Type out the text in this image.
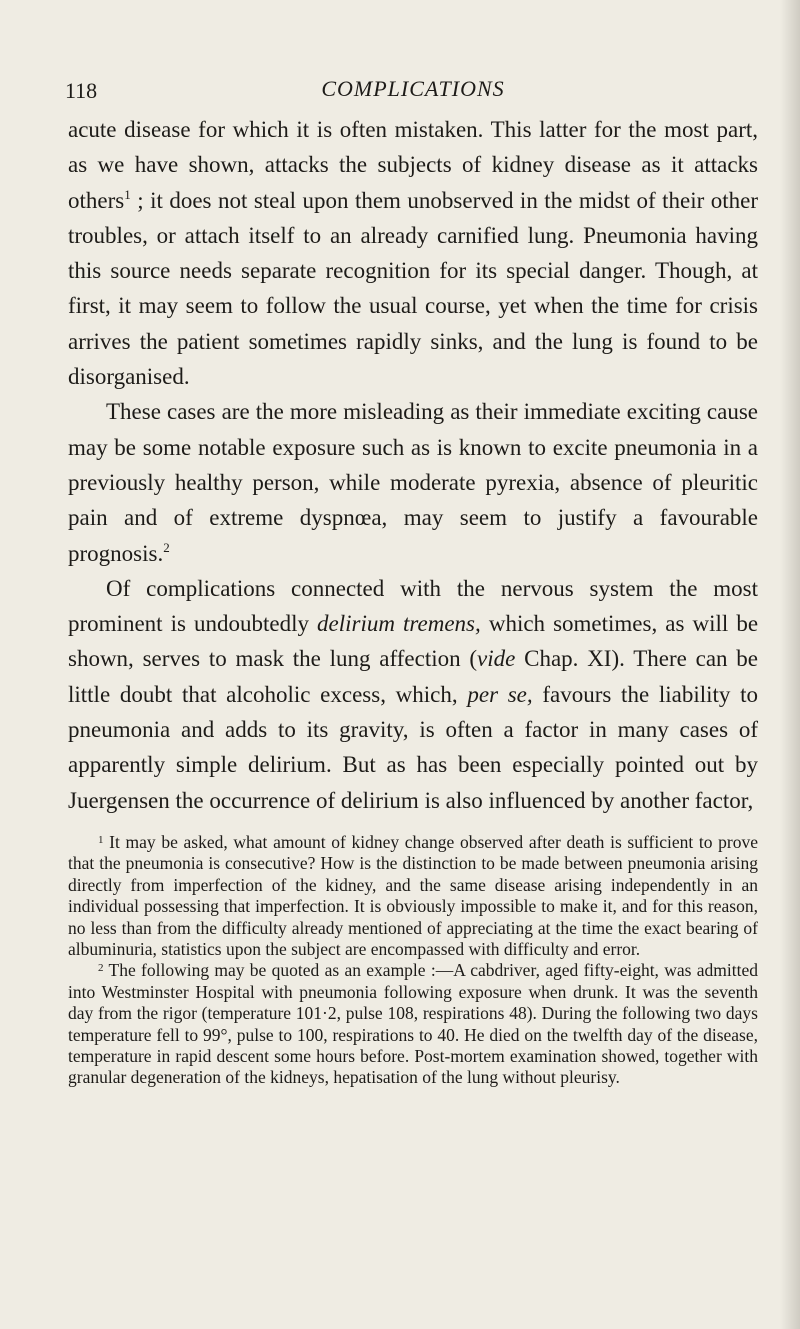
118	COMPLICATIONS

acute disease for which it is often mistaken. This latter for the most part, as we have shown, attacks the subjects of kidney disease as it attacks others$^1$ ; it does not steal upon them unobserved in the midst of their other troubles, or attach itself to an already carnified lung. Pneumonia having this source needs separate recognition for its special danger. Though, at first, it may seem to follow the usual course, yet when the time for crisis arrives the patient sometimes rapidly sinks, and the lung is found to be disorganised.

These cases are the more misleading as their immediate exciting cause may be some notable exposure such as is known to excite pneumonia in a previously healthy person, while moderate pyrexia, absence of pleuritic pain and of extreme dyspnœa, may seem to justify a favourable prognosis.$^2$

Of complications connected with the nervous system the most prominent is undoubtedly delirium tremens, which sometimes, as will be shown, serves to mask the lung affection (vide Chap. XI). There can be little doubt that alcoholic excess, which, per se, favours the liability to pneumonia and adds to its gravity, is often a factor in many cases of apparently simple delirium. But as has been especially pointed out by Juergensen the occurrence of delirium is also influenced by another factor,

$^1$ It may be asked, what amount of kidney change observed after death is sufficient to prove that the pneumonia is consecutive? How is the distinction to be made between pneumonia arising directly from imperfection of the kidney, and the same disease arising independently in an individual possessing that imperfection. It is obviously impossible to make it, and for this reason, no less than from the difficulty already mentioned of appreciating at the time the exact bearing of albuminuria, statistics upon the subject are encompassed with difficulty and error.

$^2$ The following may be quoted as an example :—A cabdriver, aged fifty-eight, was admitted into Westminster Hospital with pneumonia following exposure when drunk. It was the seventh day from the rigor (temperature 101·2, pulse 108, respirations 48). During the following two days temperature fell to 99°, pulse to 100, respirations to 40. He died on the twelfth day of the disease, temperature in rapid descent some hours before. Post-mortem examination showed, together with granular degeneration of the kidneys, hepatisation of the lung without pleurisy.
